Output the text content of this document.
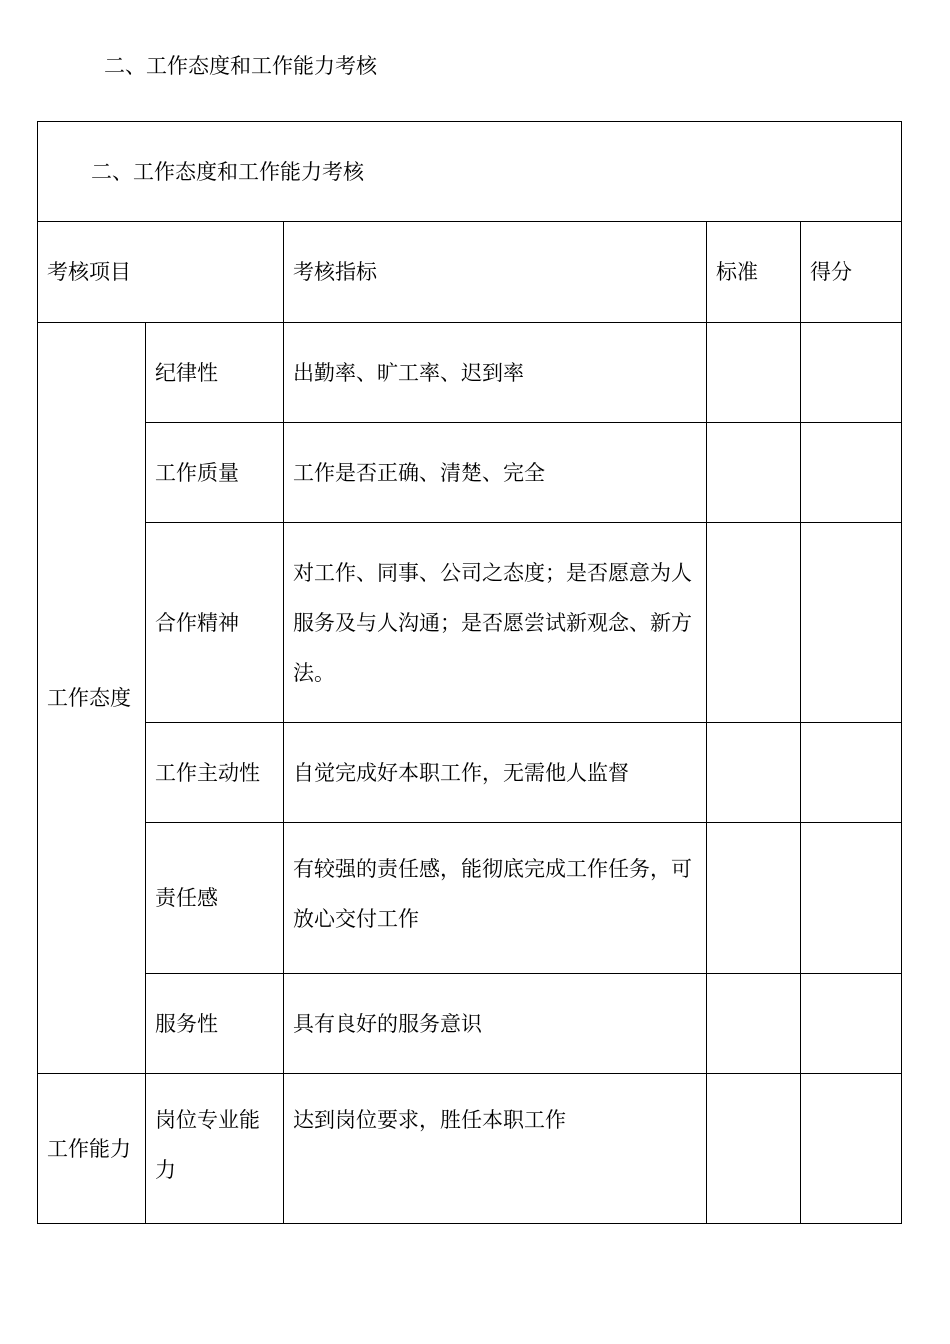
二、工作态度和工作能力考核
二、工作态度和工作能力考核				
考核项目		考核指标	标准	得分
工作态度	纪律性	出勤率、旷工率、迟到率		
	工作质量	工作是否正确、清楚、完全		
	合作精神	对工作、同事、公司之态度；是否愿意为人服务及与人沟通；是否愿尝试新观念、新方法。		
	工作主动性	自觉完成好本职工作，无需他人监督		
	责任感	有较强的责任感，能彻底完成工作任务，可放心交付工作		
	服务性	具有良好的服务意识		
工作能力	岗位专业能力	达到岗位要求，胜任本职工作		
